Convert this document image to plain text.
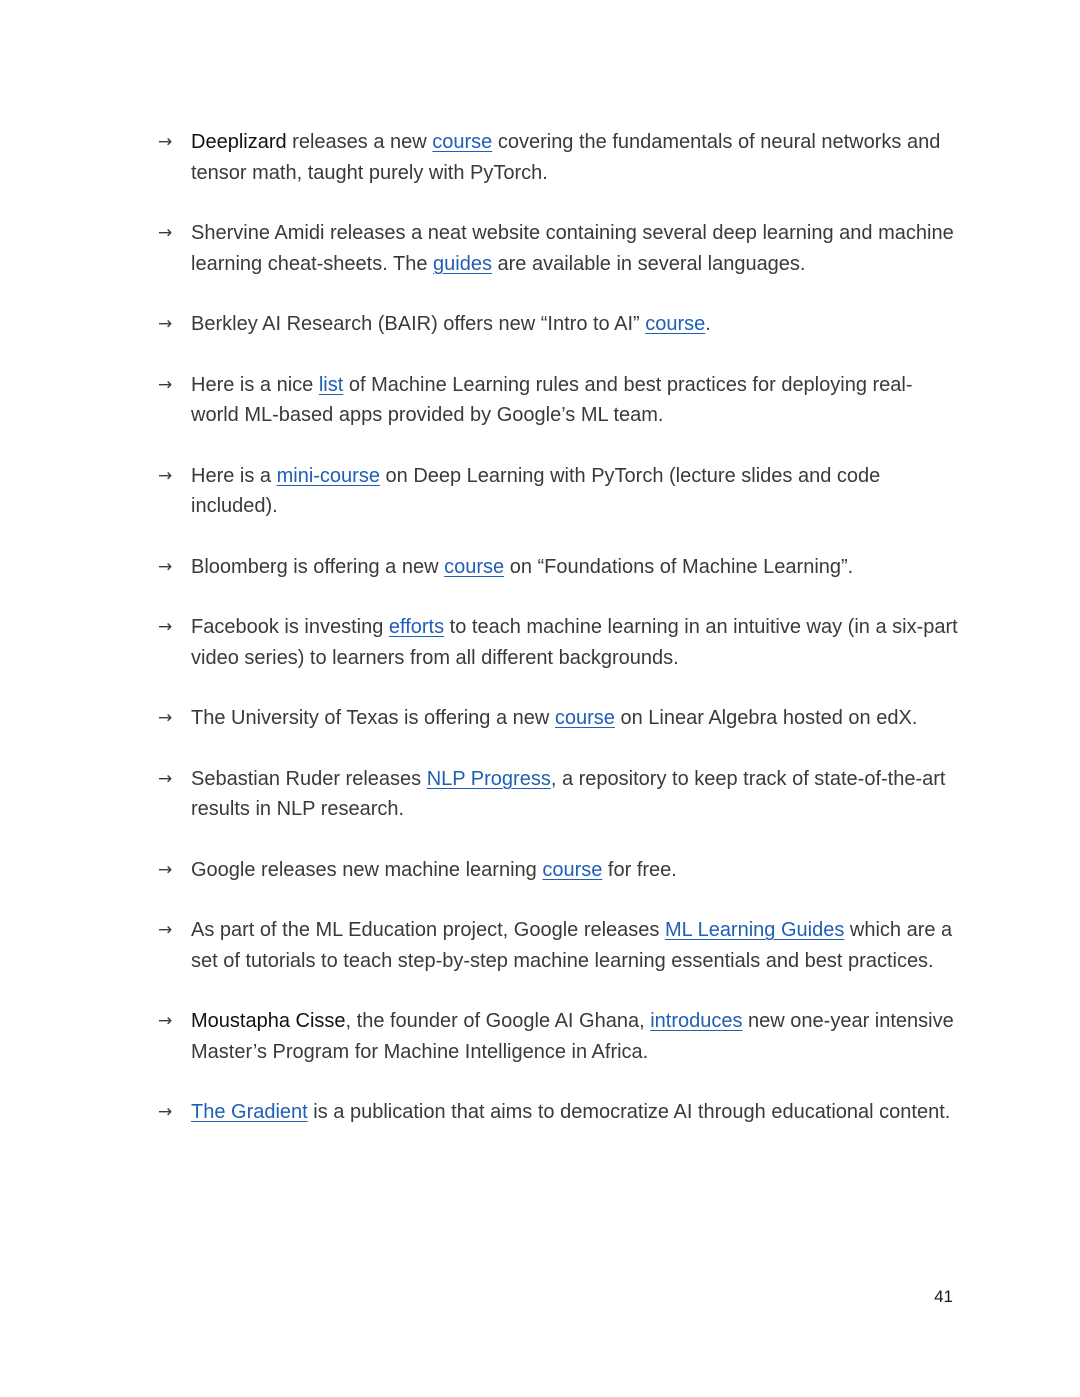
→ Deeplizard releases a new course covering the fundamentals of neural networks and tensor math, taught purely with PyTorch.
→ Shervine Amidi releases a neat website containing several deep learning and machine learning cheat-sheets. The guides are available in several languages.
→ Berkley AI Research (BAIR) offers new “Intro to AI” course.
→ Here is a nice list of Machine Learning rules and best practices for deploying real-world ML-based apps provided by Google’s ML team.
→ Here is a mini-course on Deep Learning with PyTorch (lecture slides and code included).
→ Bloomberg is offering a new course on “Foundations of Machine Learning”.
→ Facebook is investing efforts to teach machine learning in an intuitive way (in a six-part video series) to learners from all different backgrounds.
→ The University of Texas is offering a new course on Linear Algebra hosted on edX.
→ Sebastian Ruder releases NLP Progress, a repository to keep track of state-of-the-art results in NLP research.
→ Google releases new machine learning course for free.
→ As part of the ML Education project, Google releases ML Learning Guides which are a set of tutorials to teach step-by-step machine learning essentials and best practices.
→ Moustapha Cisse, the founder of Google AI Ghana, introduces new one-year intensive Master’s Program for Machine Intelligence in Africa.
→ The Gradient is a publication that aims to democratize AI through educational content.
41
